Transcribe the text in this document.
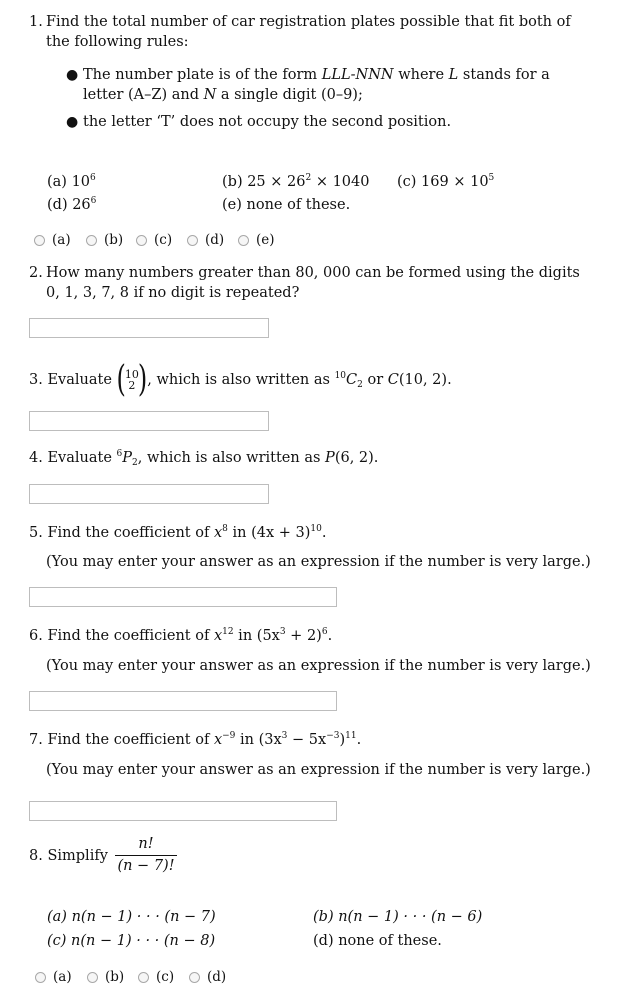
1. Find the total number of car registration plates possible that fit both of
the following rules:
● The number plate is of the form LLL-NNN where L stands for a
letter (A–Z) and N a single digit (0–9);
● the letter ‘T’ does not occupy the second position.
(a) $10^6$	(b) $25 \times 26^2 \times 1040$ (c) $169 \times 10^5$
(d) $26^6$	(e) none of these.
(a) (b) (c) (d) (e)
2. How many numbers greater than 80, 000 can be formed using the digits
0, 1, 3, 7, 8 if no digit is repeated?
3. Evaluate (10
2 ), which is also written as $^{10}C_2$ or C(10, 2).
4. Evaluate $^6P_2$, which is also written as P(6, 2).
5. Find the coefficient of $x^8$ in $(4x + 3)^{10}$.
(You may enter your answer as an expression if the number is very large.)
6. Find the coefficient of $x^{12}$ in $(5x^3 + 2)^6$.
(You may enter your answer as an expression if the number is very large.)
7. Find the coefficient of $x^{-9}$ in $(3x^3 - 5x^{-3})^{11}$.
(You may enter your answer as an expression if the number is very large.)
8. Simplify
n!
(n − 7)!
(a) n(n − 1) · · · (n − 7)	(b) n(n − 1) · · · (n − 6)
(c) n(n − 1) · · · (n − 8)	(d) none of these.
(a) (b) (c) (d)
